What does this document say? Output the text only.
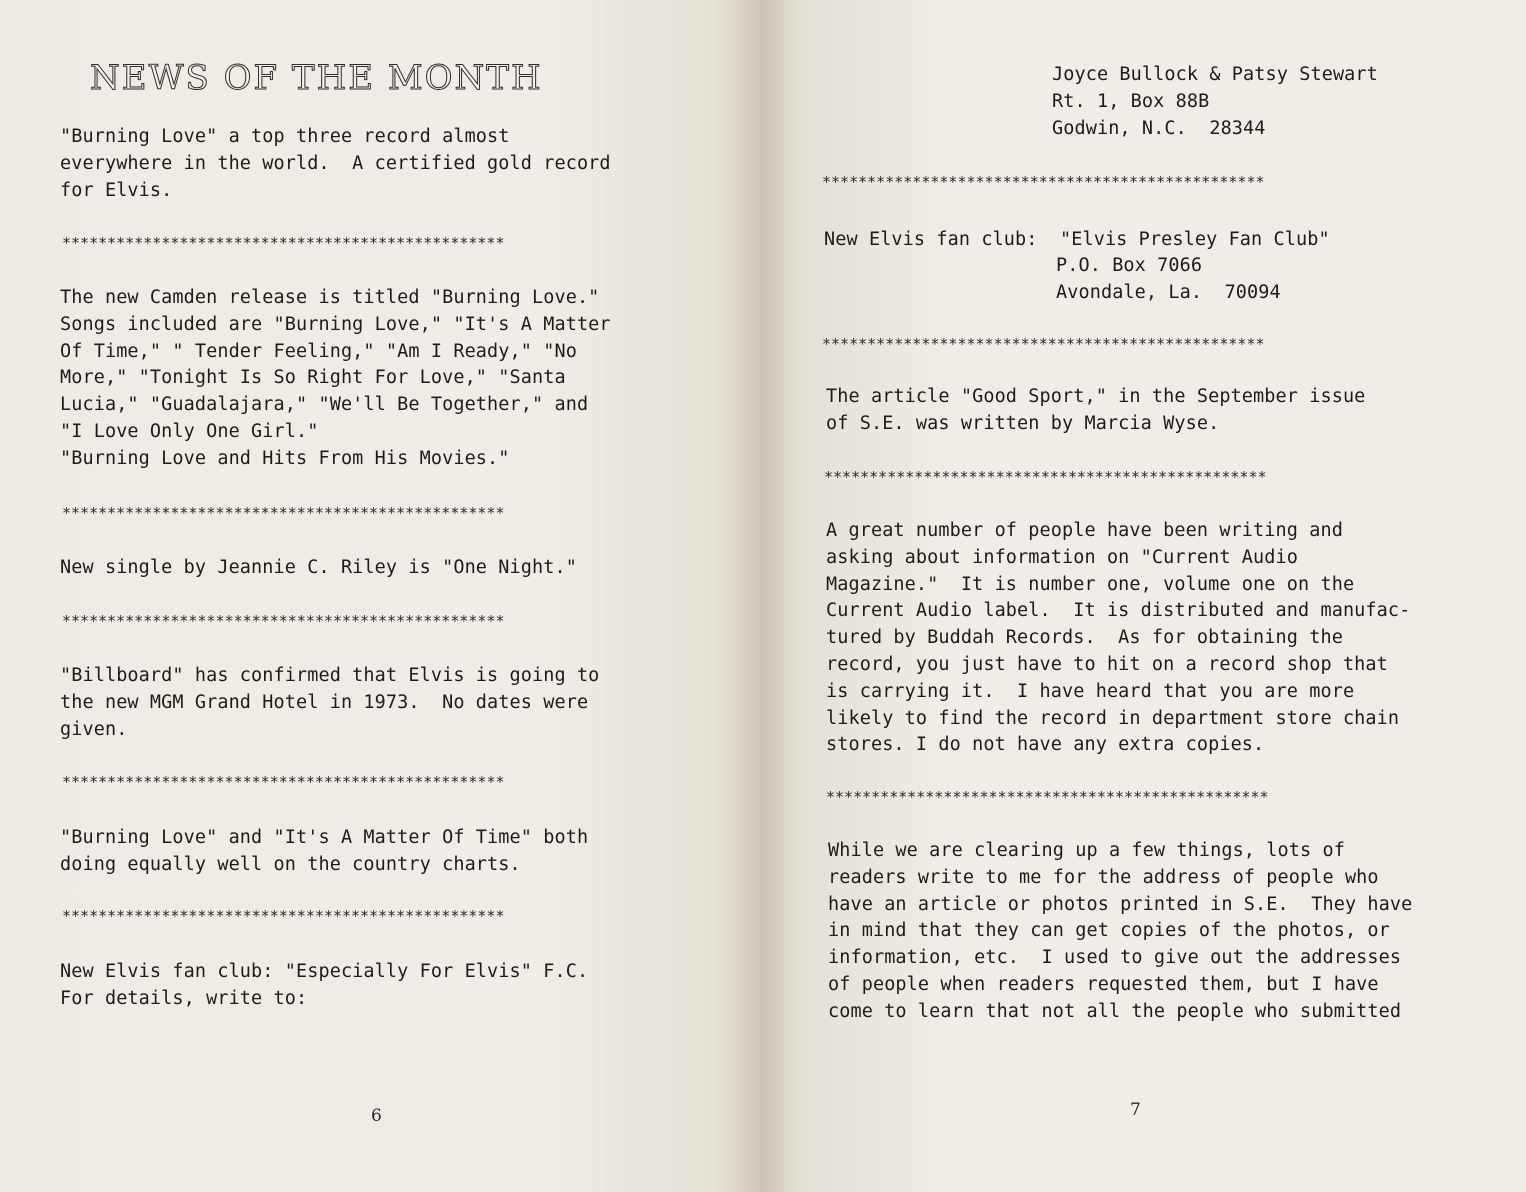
NEWS OF THE MONTH

"Burning Love" a top three record almost
everywhere in the world.  A certified gold record
for Elvis.

*************************************************

The new Camden release is titled "Burning Love."
Songs included are "Burning Love," "It's A Matter
Of Time," " Tender Feeling," "Am I Ready," "No
More," "Tonight Is So Right For Love," "Santa
Lucia," "Guadalajara," "We'll Be Together," and
"I Love Only One Girl."
"Burning Love and Hits From His Movies."

*************************************************

New single by Jeannie C. Riley is "One Night."

*************************************************

"Billboard" has confirmed that Elvis is going to
the new MGM Grand Hotel in 1973.  No dates were
given.

*************************************************

"Burning Love" and "It's A Matter Of Time" both
doing equally well on the country charts.

*************************************************

New Elvis fan club: "Especially For Elvis" F.C.
For details, write to:

6

Joyce Bullock & Patsy Stewart
Rt. 1, Box 88B
Godwin, N.C.  28344

*************************************************

New Elvis fan club:  "Elvis Presley Fan Club"

P.O. Box 7066
Avondale, La.  70094

*************************************************

The article "Good Sport," in the September issue
of S.E. was written by Marcia Wyse.

*************************************************

A great number of people have been writing and
asking about information on "Current Audio
Magazine."  It is number one, volume one on the
Current Audio label.  It is distributed and manufac-
tured by Buddah Records.  As for obtaining the
record, you just have to hit on a record shop that
is carrying it.  I have heard that you are more
likely to find the record in department store chain
stores. I do not have any extra copies.

*************************************************

While we are clearing up a few things, lots of
readers write to me for the address of people who
have an article or photos printed in S.E.  They have
in mind that they can get copies of the photos, or
information, etc.  I used to give out the addresses
of people when readers requested them, but I have
come to learn that not all the people who submitted

7
